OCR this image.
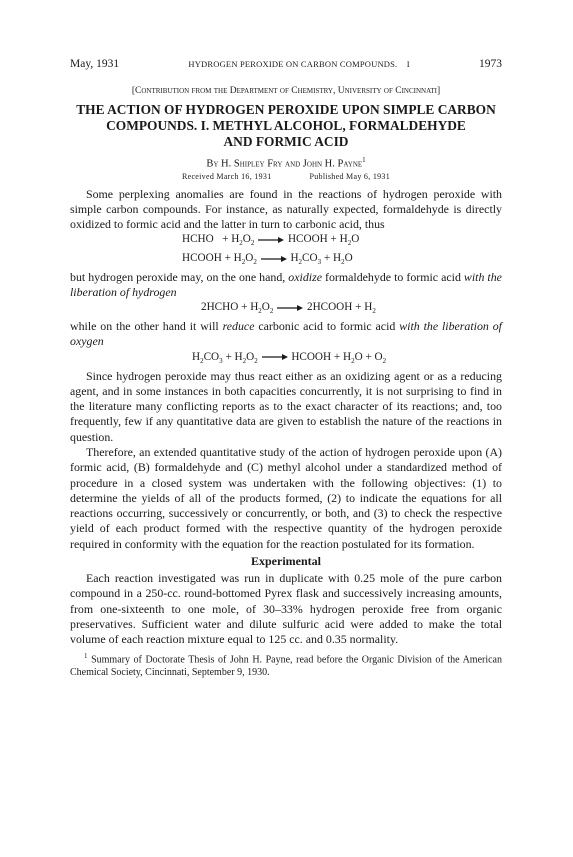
May, 1931	HYDROGEN PEROXIDE ON CARBON COMPOUNDS. I	1973
[Contribution from the Department of Chemistry, University of Cincinnati]
THE ACTION OF HYDROGEN PEROXIDE UPON SIMPLE CARBON
COMPOUNDS. I. METHYL ALCOHOL, FORMALDEHYDE
AND FORMIC ACID
By H. Shipley Fry and John H. Payne$^1$
Received March 16, 1931	Published May 6, 1931

Some perplexing anomalies are found in the reactions of hydrogen peroxide with simple carbon compounds. For instance, as naturally expected, formaldehyde is directly oxidized to formic acid and the latter in turn to carbonic acid, thus

HCHO   + $H_2O_2$ → HCOOH + $H_2O$
HCOOH + $H_2O_2 \to H_2CO_3 + H_2O$

but hydrogen peroxide may, on the one hand, oxidize formaldehyde to formic acid with the liberation of hydrogen

2HCHO + $H_2O_2$ → 2HCOOH + $H_2$

while on the other hand it will reduce carbonic acid to formic acid with the liberation of oxygen

$H_2CO_3 + H_2O_2$ → HCOOH + $H_2O + O_2$

Since hydrogen peroxide may thus react either as an oxidizing agent or as a reducing agent, and in some instances in both capacities concurrently, it is not surprising to find in the literature many conflicting reports as to the exact character of its reactions; and, too frequently, few if any quantitative data are given to establish the nature of the reactions in question.

Therefore, an extended quantitative study of the action of hydrogen peroxide upon (A) formic acid, (B) formaldehyde and (C) methyl alcohol under a standardized method of procedure in a closed system was undertaken with the following objectives: (1) to determine the yields of all of the products formed, (2) to indicate the equations for all reactions occurring, successively or concurrently, or both, and (3) to check the respective yield of each product formed with the respective quantity of the hydrogen peroxide required in conformity with the equation for the reaction postulated for its formation.

Experimental

Each reaction investigated was run in duplicate with 0.25 mole of the pure carbon compound in a 250-cc. round-bottomed Pyrex flask and successively increasing amounts, from one-sixteenth to one mole, of 30–33% hydrogen peroxide free from organic preservatives. Sufficient water and dilute sulfuric acid were added to make the total volume of each reaction mixture equal to 125 cc. and 0.35 normality.

$^1$ Summary of Doctorate Thesis of John H. Payne, read before the Organic Division of the American Chemical Society, Cincinnati, September 9, 1930.
